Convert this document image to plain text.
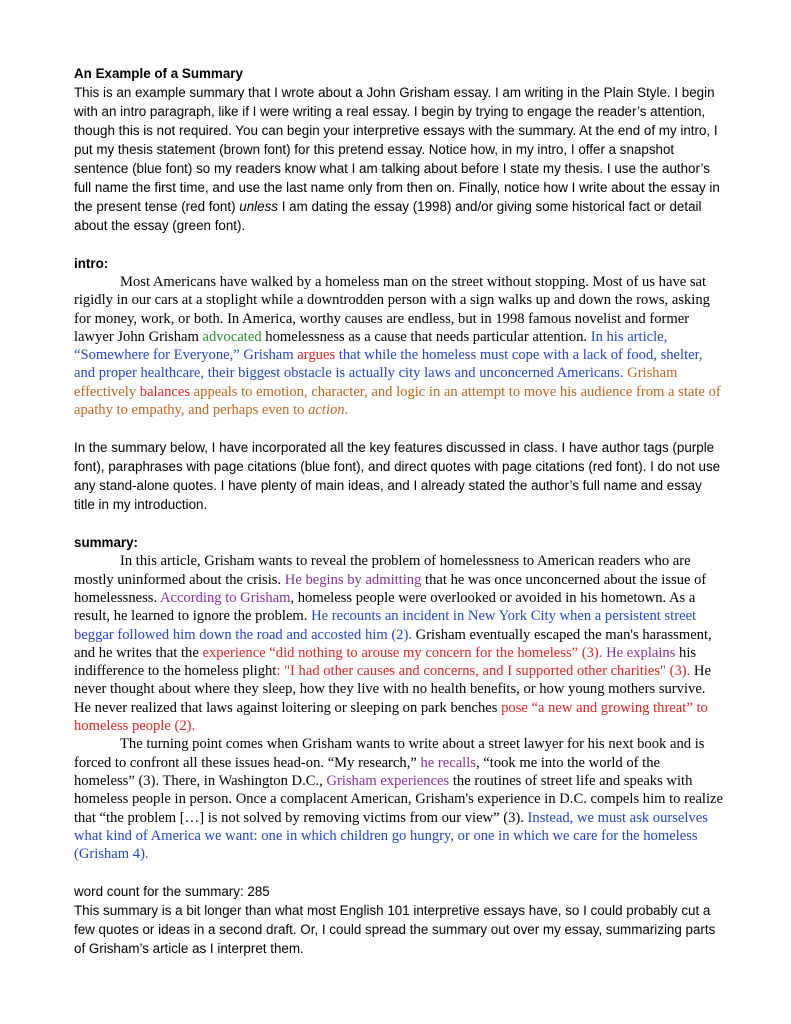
An Example of a Summary

This is an example summary that I wrote about a John Grisham essay. I am writing in the Plain Style. I begin with an intro paragraph, like if I were writing a real essay. I begin by trying to engage the reader’s attention, though this is not required. You can begin your interpretive essays with the summary. At the end of my intro, I put my thesis statement (brown font) for this pretend essay. Notice how, in my intro, I offer a snapshot sentence (blue font) so my readers know what I am talking about before I state my thesis. I use the author’s full name the first time, and use the last name only from then on. Finally, notice how I write about the essay in the present tense (red font) unless I am dating the essay (1998) and/or giving some historical fact or detail about the essay (green font).

intro:

Most Americans have walked by a homeless man on the street without stopping. Most of us have sat rigidly in our cars at a stoplight while a downtrodden person with a sign walks up and down the rows, asking for money, work, or both. In America, worthy causes are endless, but in 1998 famous novelist and former lawyer John Grisham advocated homelessness as a cause that needs particular attention. In his article, “Somewhere for Everyone,” Grisham argues that while the homeless must cope with a lack of food, shelter, and proper healthcare, their biggest obstacle is actually city laws and unconcerned Americans. Grisham effectively balances appeals to emotion, character, and logic in an attempt to move his audience from a state of apathy to empathy, and perhaps even to action.

In the summary below, I have incorporated all the key features discussed in class. I have author tags (purple font), paraphrases with page citations (blue font), and direct quotes with page citations (red font). I do not use any stand-alone quotes. I have plenty of main ideas, and I already stated the author’s full name and essay title in my introduction.

summary:

In this article, Grisham wants to reveal the problem of homelessness to American readers who are mostly uninformed about the crisis. He begins by admitting that he was once unconcerned about the issue of homelessness. According to Grisham, homeless people were overlooked or avoided in his hometown. As a result, he learned to ignore the problem. He recounts an incident in New York City when a persistent street beggar followed him down the road and accosted him (2). Grisham eventually escaped the man's harassment, and he writes that the experience “did nothing to arouse my concern for the homeless” (3). He explains his indifference to the homeless plight: "I had other causes and concerns, and I supported other charities" (3). He never thought about where they sleep, how they live with no health benefits, or how young mothers survive. He never realized that laws against loitering or sleeping on park benches pose “a new and growing threat” to homeless people (2).

The turning point comes when Grisham wants to write about a street lawyer for his next book and is forced to confront all these issues head-on. “My research,” he recalls, “took me into the world of the homeless” (3). There, in Washington D.C., Grisham experiences the routines of street life and speaks with homeless people in person. Once a complacent American, Grisham's experience in D.C. compels him to realize that “the problem […] is not solved by removing victims from our view” (3). Instead, we must ask ourselves what kind of America we want: one in which children go hungry, or one in which we care for the homeless (Grisham 4).

word count for the summary: 285

This summary is a bit longer than what most English 101 interpretive essays have, so I could probably cut a few quotes or ideas in a second draft. Or, I could spread the summary out over my essay, summarizing parts of Grisham’s article as I interpret them.
